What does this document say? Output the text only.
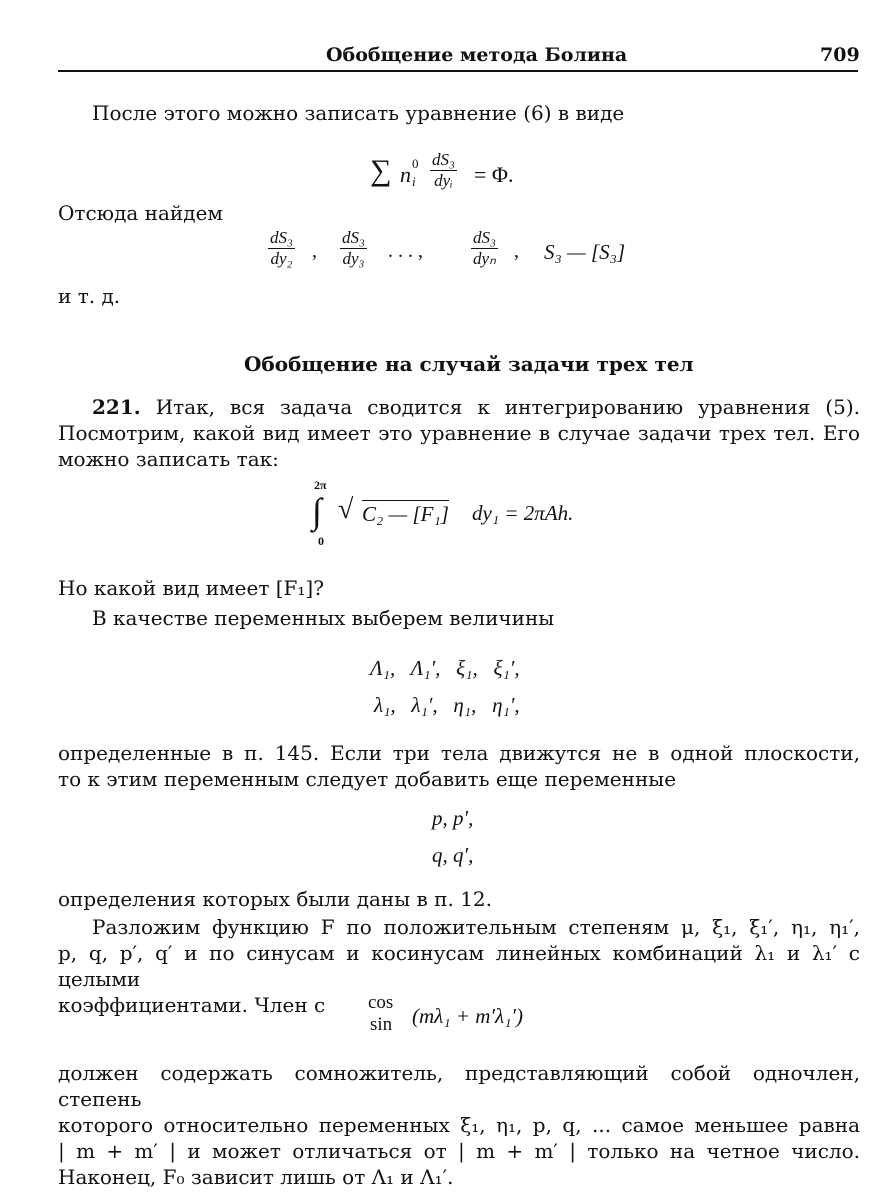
Обобщение метода Болина	709
После этого можно записать уравнение (6) в виде
∑ n 0
i
dS₃
dyᵢ = Φ.
Отсюда найдем
$\frac{\text{dS₃}}{\text{dy₂}}$ , $\frac{\text{dS₃}}{\text{dy₃}}$ . . . ,
dS₃
dyₙ , S₃ — [S₃]
и т. д.
Обобщение на случай задачи трех тел
221. Итак, вся задача сводится к интегрированию уравнения (5).
Посмотрим, какой вид имеет это уравнение в случае задачи трех тел. Его
можно записать так:
2π
∫
0
√ C₂ — [F₁] dy₁ = 2πAh.
Но какой вид имеет [F₁]?
В качестве переменных выберем величины
Λ₁,   Λ₁′,   ξ₁,   ξ₁′,
λ₁,   λ₁′,   η₁,   η₁′,
определенные в п. 145. Если три тела движутся не в одной плоскости,
то к этим переменным следует добавить еще переменные
p, p′,
q, q′,
определения которых были даны в п. 12.
Разложим функцию F по положительным степеням μ, ξ₁, ξ₁′, η₁, η₁′,
p, q, p′, q′ и по синусам и косинусам линейных комбинаций λ₁ и λ₁′ с целыми
коэффициентами. Член с	cos
sin (mλ₁ + m′λ₁′)
должен содержать сомножитель, представляющий собой одночлен, степень
которого относительно переменных ξ₁, η₁, p, q, ... самое меньшее равна
| m + m′ | и может отличаться от | m + m′ | только на четное число.
Наконец, F₀ зависит лишь от Λ₁ и Λ₁′.
